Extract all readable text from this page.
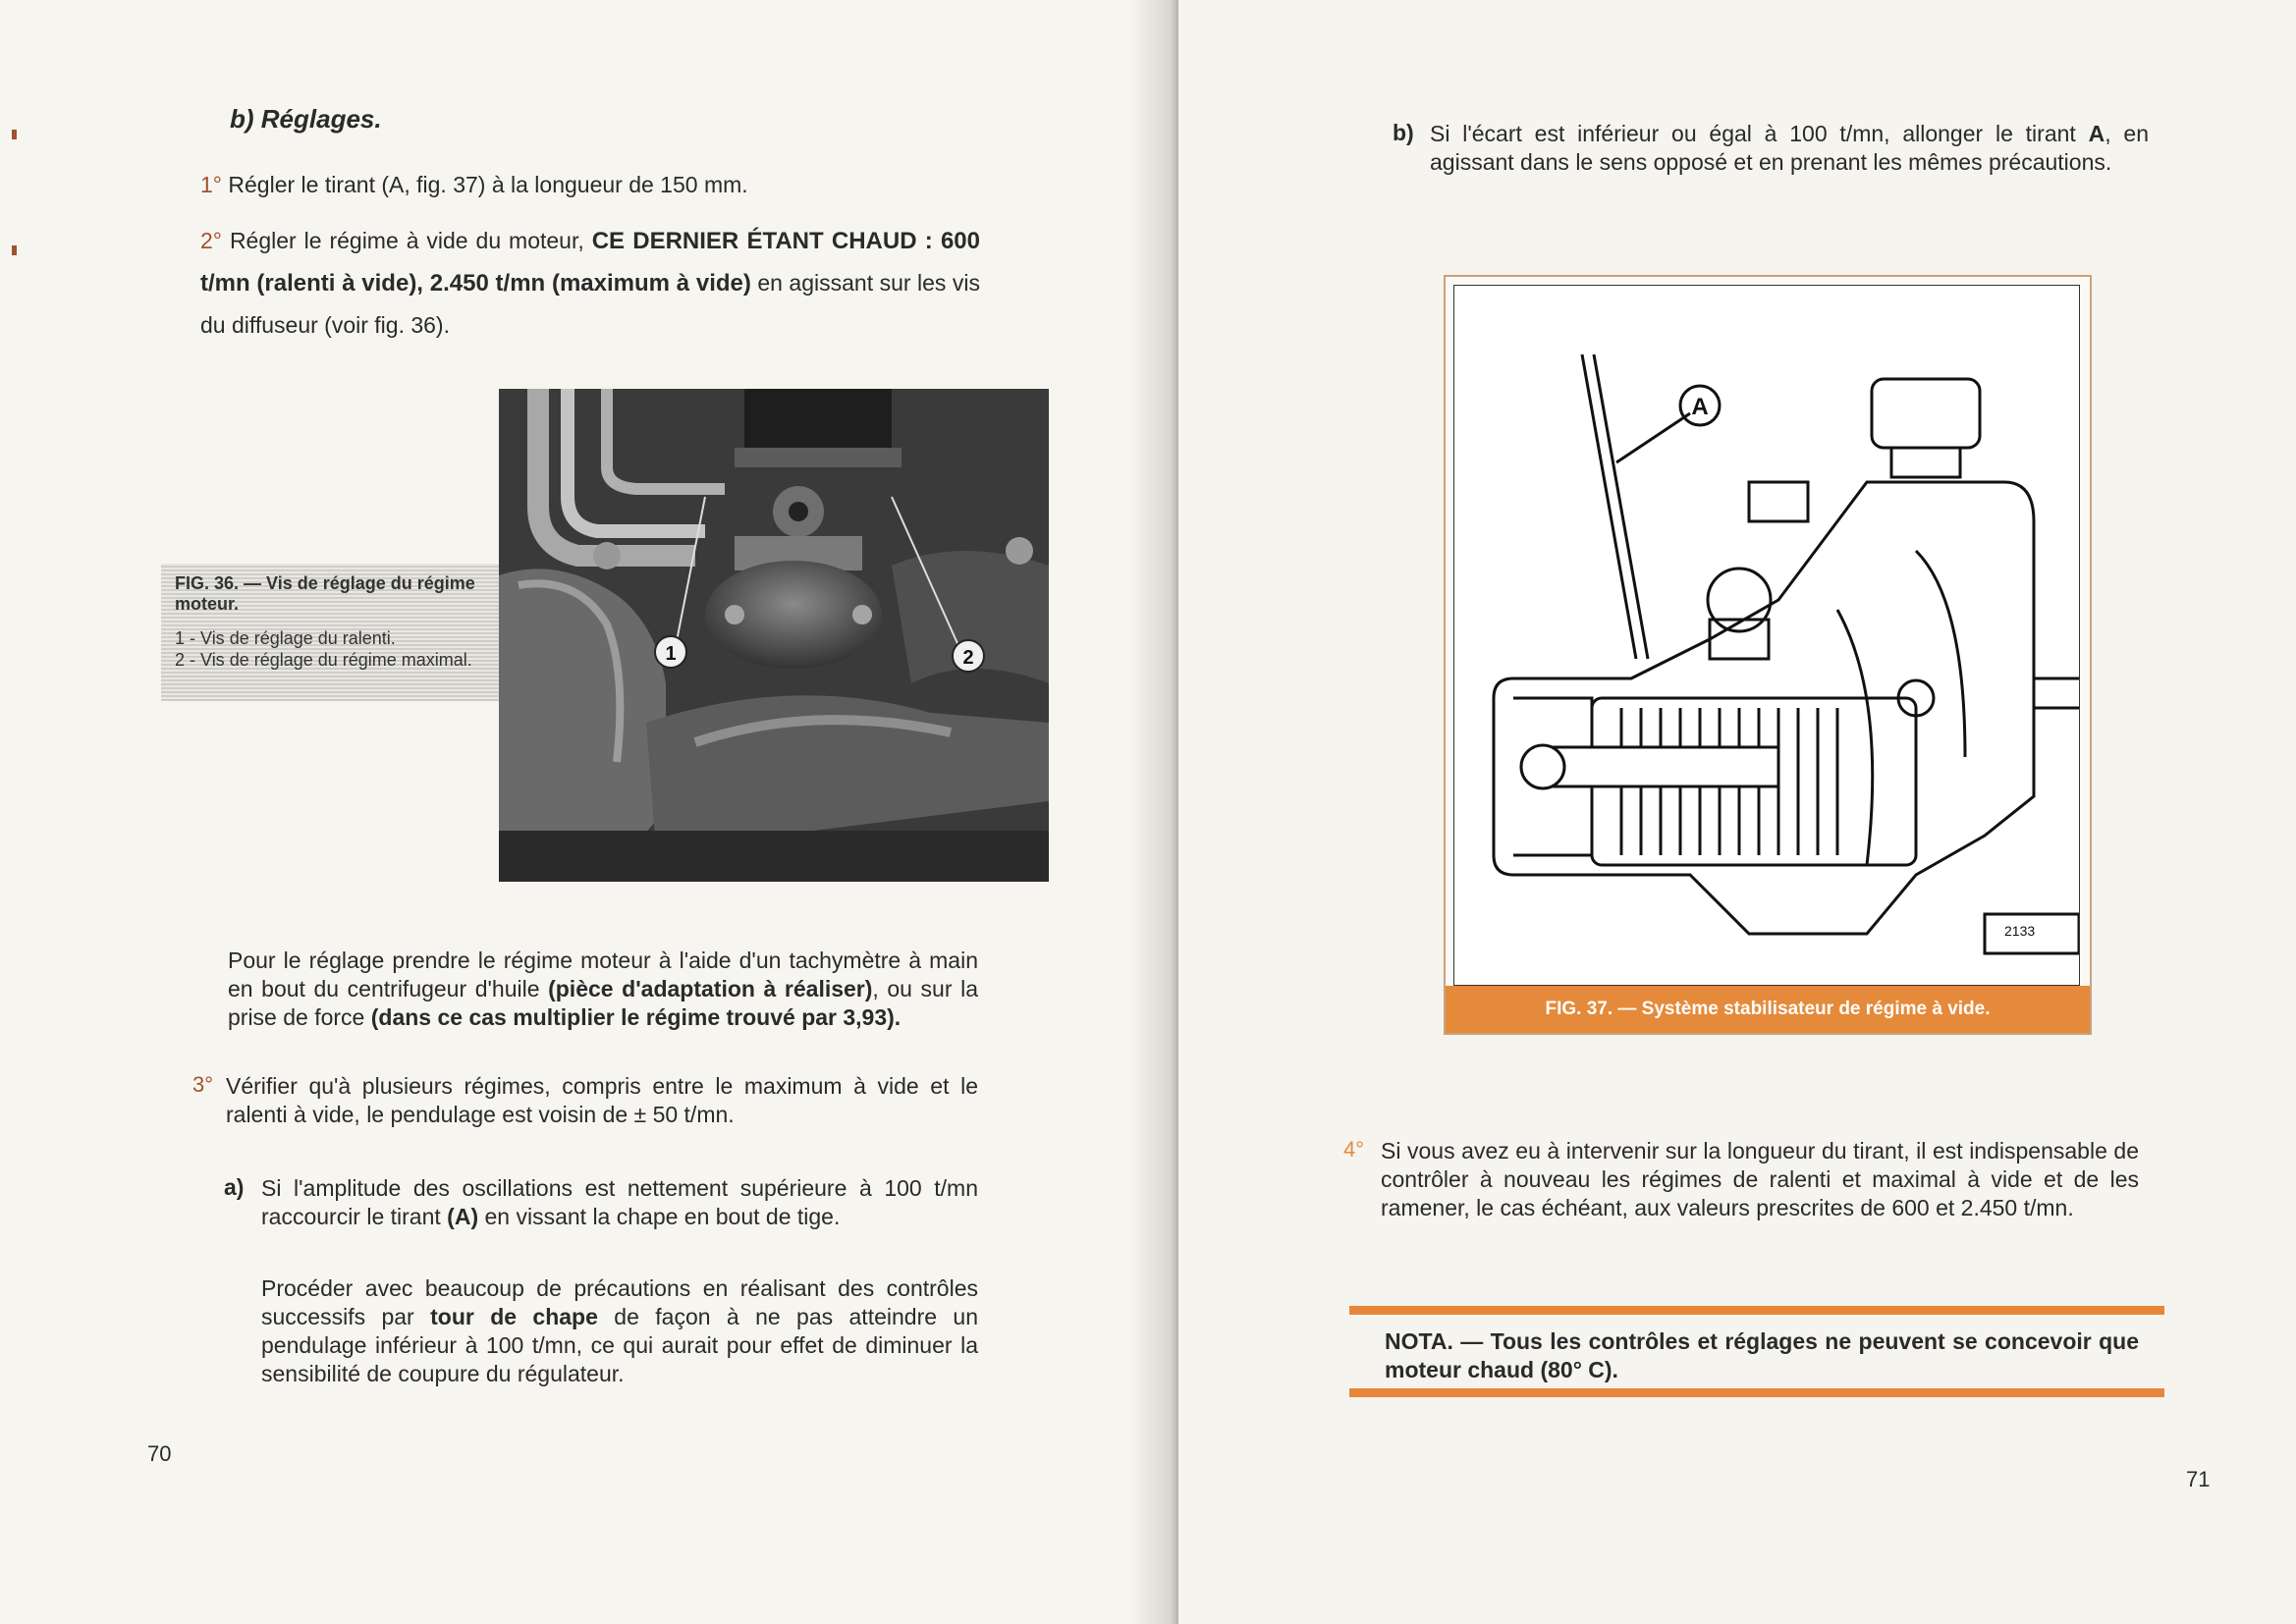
b) Réglages.
1° Régler le tirant (A, fig. 37) à la longueur de 150 mm.
2° Régler le régime à vide du moteur, CE DERNIER ÉTANT CHAUD : 600 t/mn (ralenti à vide), 2.450 t/mn (maximum à vide) en agissant sur les vis du diffuseur (voir fig. 36).
FIG. 36. — Vis de réglage du régime moteur.
1 - Vis de réglage du ralenti.
2 - Vis de réglage du régime maximal.	1	2
Pour le réglage prendre le régime moteur à l'aide d'un tachymètre à main en bout du centrifugeur d'huile (pièce d'adaptation à réaliser), ou sur la prise de force (dans ce cas multiplier le régime trouvé par 3,93).
3° Vérifier qu'à plusieurs régimes, compris entre le maximum à vide et le ralenti à vide, le pendulage est voisin de ± 50 t/mn.
a) Si l'amplitude des oscillations est nettement supérieure à 100 t/mn raccourcir le tirant (A) en vissant la chape en bout de tige.
Procéder avec beaucoup de précautions en réalisant des contrôles successifs par tour de chape de façon à ne pas atteindre un pendulage inférieur à 100 t/mn, ce qui aurait pour effet de diminuer la sensibilité de coupure du régulateur.
70
b) Si l'écart est inférieur ou égal à 100 t/mn, allonger le tirant A, en agissant dans le sens opposé et en prenant les mêmes précautions.
A
2133
FIG. 37. — Système stabilisateur de régime à vide.
4° Si vous avez eu à intervenir sur la longueur du tirant, il est indispensable de contrôler à nouveau les régimes de ralenti et maximal à vide et de les ramener, le cas échéant, aux valeurs prescrites de 600 et 2.450 t/mn.
NOTA. — Tous les contrôles et réglages ne peuvent se concevoir que moteur chaud (80° C).
71
